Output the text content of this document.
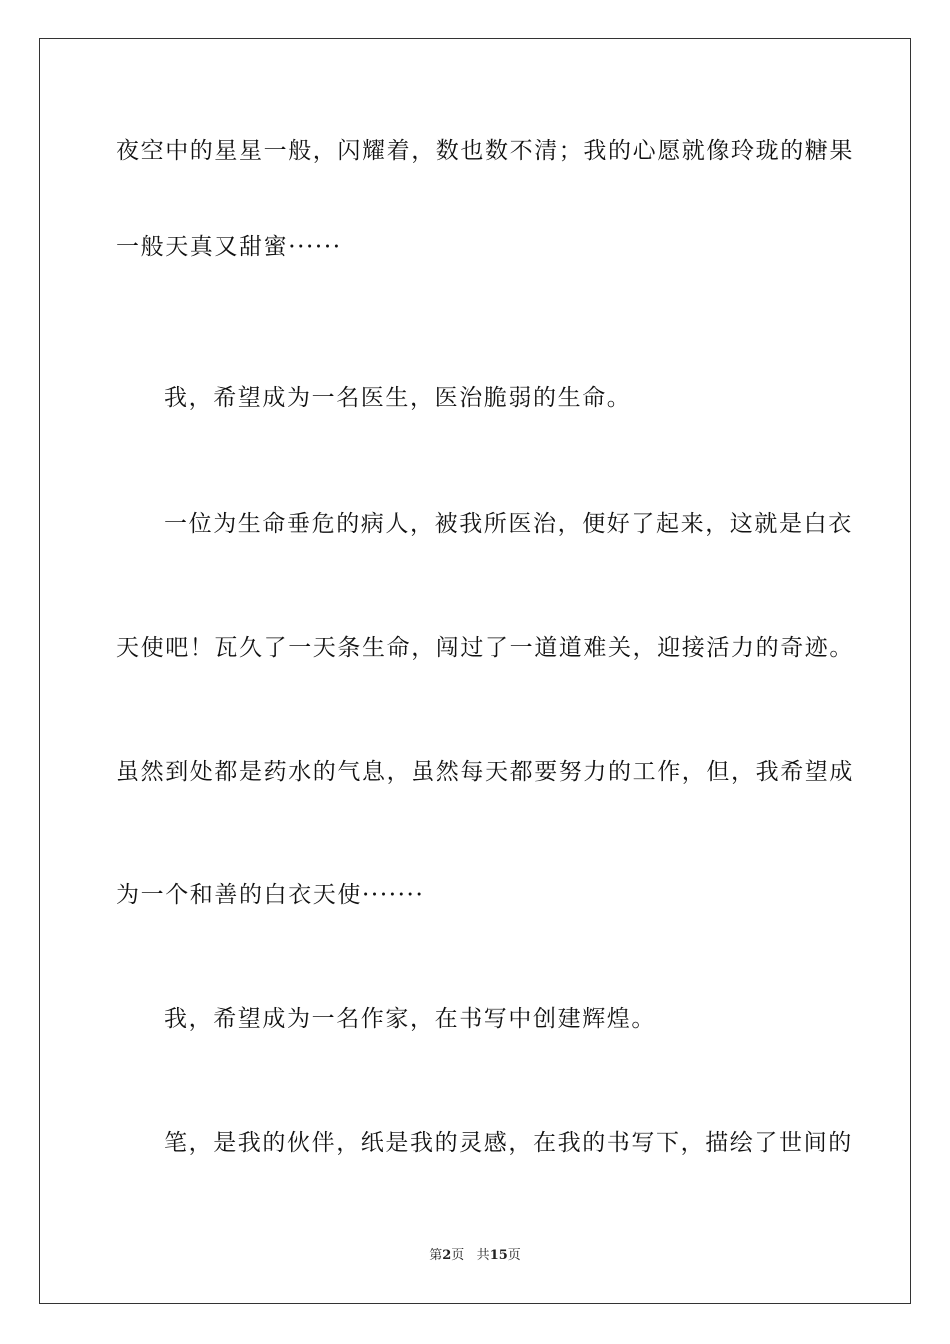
夜空中的星星一般，闪耀着，数也数不清；我的心愿就像玲珑的糖果
一般天真又甜蜜······
我，希望成为一名医生，医治脆弱的生命。
一位为生命垂危的病人，被我所医治，便好了起来，这就是白衣
天使吧！瓦久了一天条生命，闯过了一道道难关，迎接活力的奇迹。
虽然到处都是药水的气息，虽然每天都要努力的工作，但，我希望成
为一个和善的白衣天使·······
我，希望成为一名作家，在书写中创建辉煌。
笔，是我的伙伴，纸是我的灵感，在我的书写下，描绘了世间的
第2页 共15页
